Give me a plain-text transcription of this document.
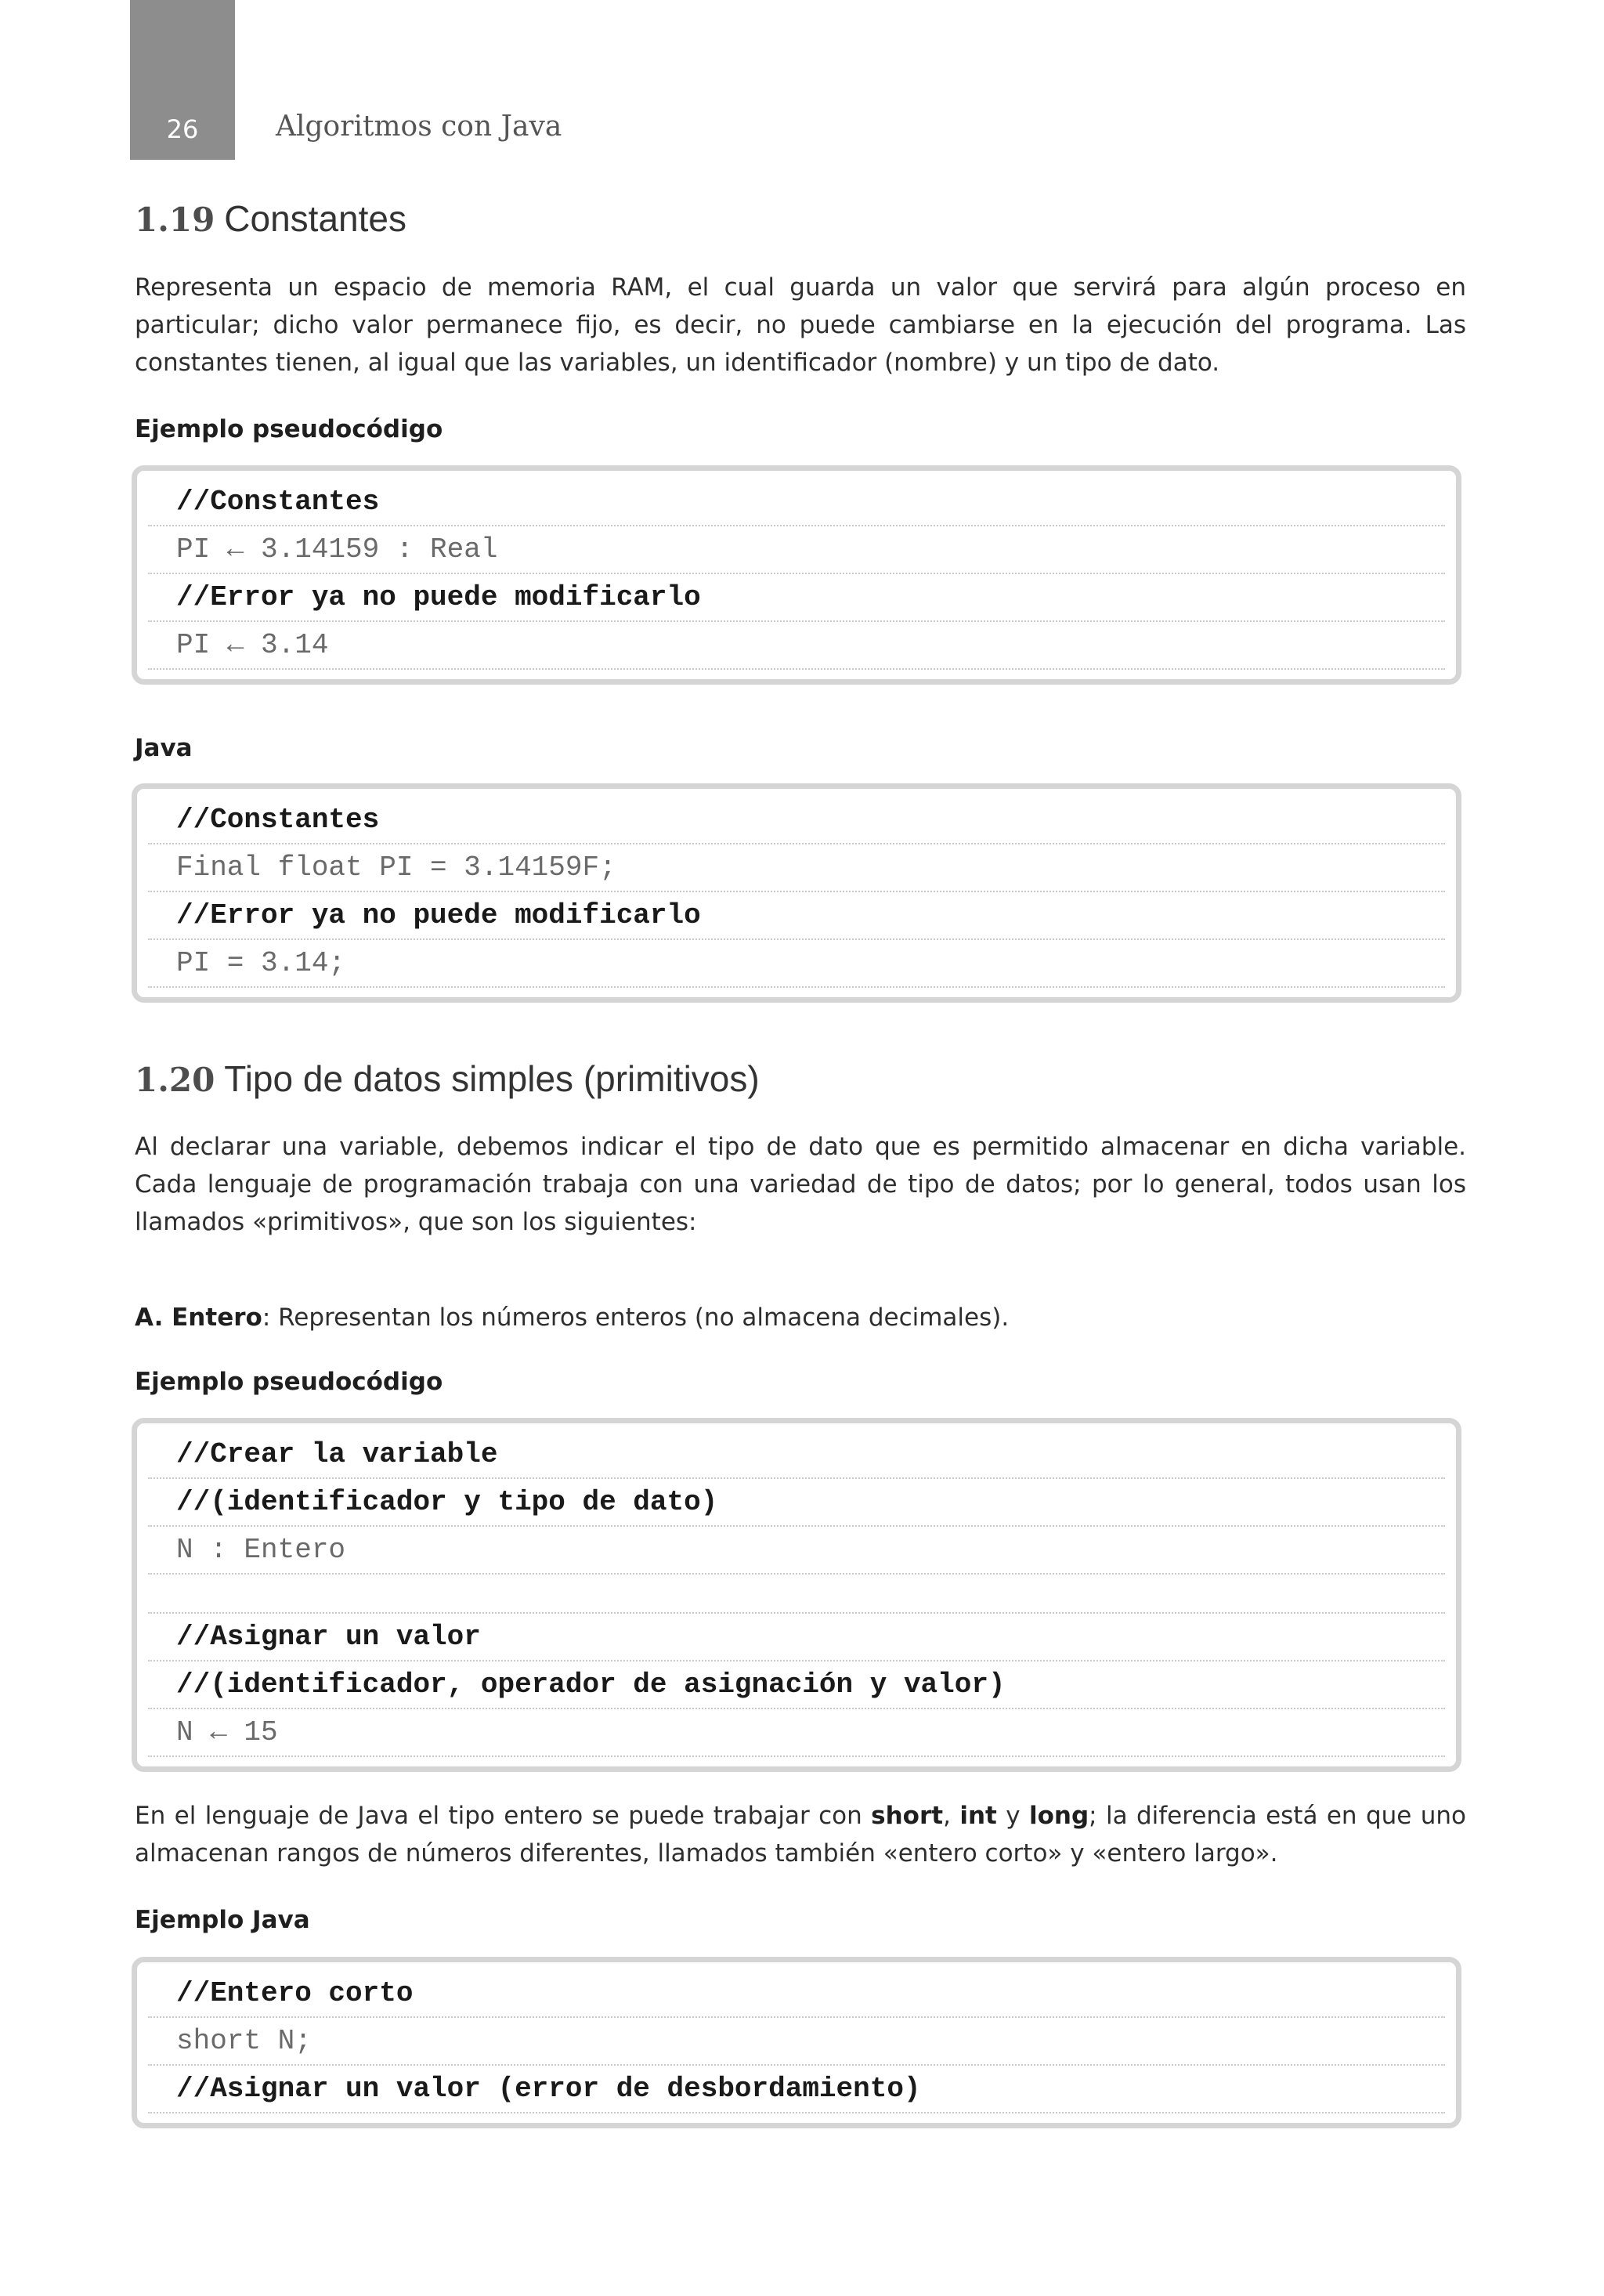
26	Algoritmos con Java
1.19 Constantes

Representa un espacio de memoria RAM, el cual guarda un valor que servirá para algún proceso en particular; dicho valor permanece fijo, es decir, no puede cambiarse en la ejecución del programa. Las constantes tienen, al igual que las variables, un identificador (nombre) y un tipo de dato.

Ejemplo pseudocódigo
//Constantes
PI ← 3.14159 : Real
//Error ya no puede modificarlo
PI ← 3.14
Java
//Constantes
Final float PI = 3.14159F;
//Error ya no puede modificarlo
PI = 3.14;
1.20 Tipo de datos simples (primitivos)

Al declarar una variable, debemos indicar el tipo de dato que es permitido almacenar en dicha variable. Cada lenguaje de programación trabaja con una variedad de tipo de datos; por lo general, todos usan los llamados «primitivos», que son los siguientes:

A. Entero: Representan los números enteros (no almacena decimales).

Ejemplo pseudocódigo
//Crear la variable
//(identificador y tipo de dato)
N : Entero
//Asignar un valor
//(identificador, operador de asignación y valor)
N ← 15

En el lenguaje de Java el tipo entero se puede trabajar con short, int y long; la diferencia está en que uno almacenan rangos de números diferentes, llamados también «entero corto» y «entero largo».

Ejemplo Java
//Entero corto
short N;
//Asignar un valor (error de desbordamiento)
